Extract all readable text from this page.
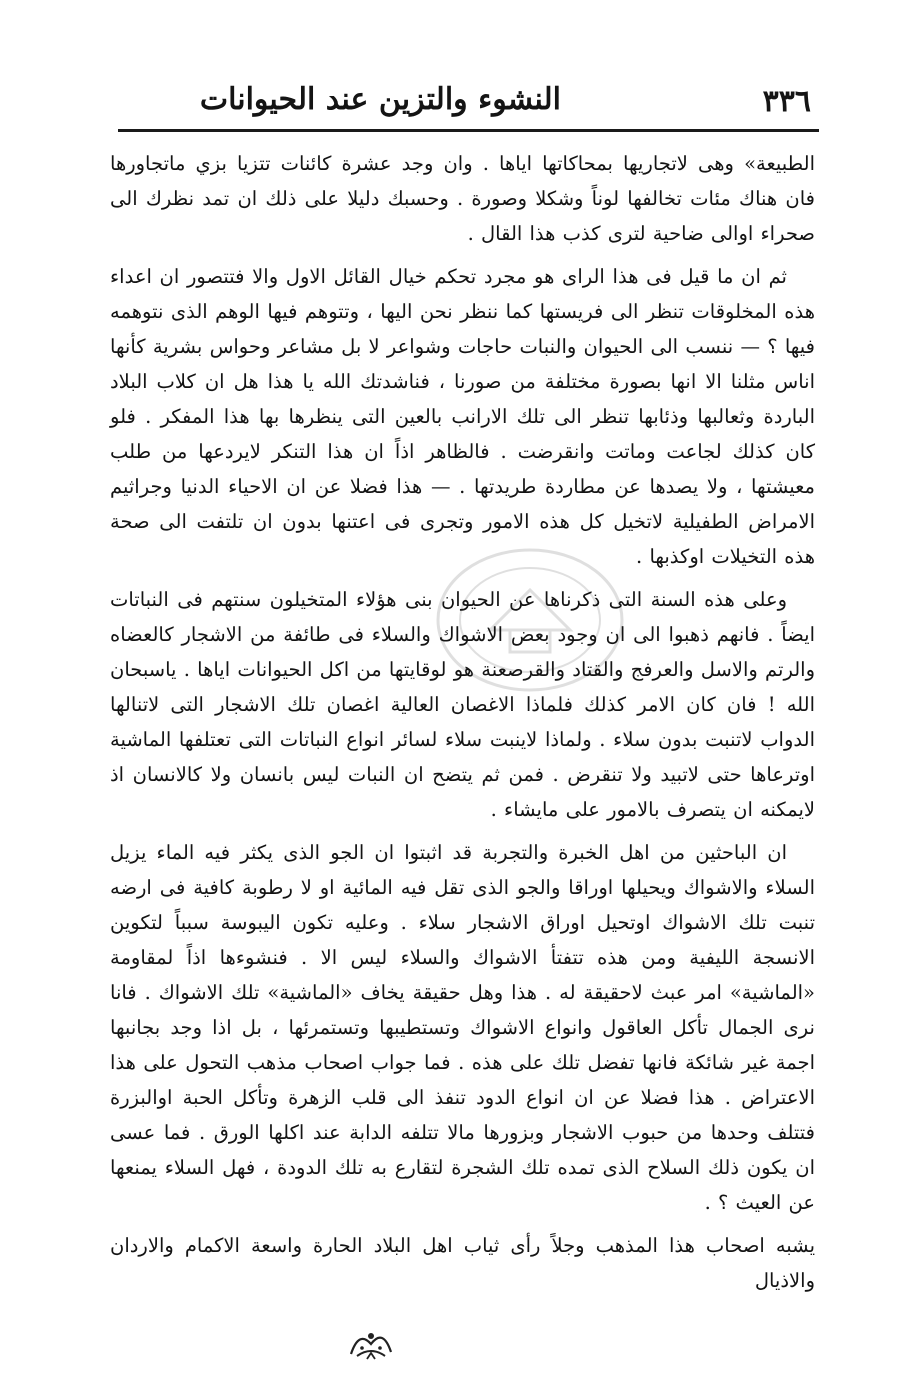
٣٣٦
النشوء والتزين عند الحيوانات

الطبيعة» وهى لاتجاريها بمحاكاتها اياها . وان وجد عشرة كائنات تتزيا بزي ماتجاورها فان هناك مئات تخالفها لوناً وشكلا وصورة . وحسبك دليلا على ذلك ان تمد نظرك الى صحراء اوالى ضاحية لترى كذب هذا القال .

ثم ان ما قيل فى هذا الراى هو مجرد تحكم خيال القائل الاول والا فتتصور ان اعداء هذه المخلوقات تنظر الى فريستها كما ننظر نحن اليها ، وتتوهم فيها الوهم الذى نتوهمه فيها ؟ — ننسب الى الحيوان والنبات حاجات وشواعر لا بل مشاعر وحواس بشرية كأنها اناس مثلنا الا انها بصورة مختلفة من صورنا ، فناشدتك الله يا هذا هل ان كلاب البلاد الباردة وثعالبها وذئابها تنظر الى تلك الارانب بالعين التى ينظرها بها هذا المفكر . فلو كان كذلك لجاعت وماتت وانقرضت . فالظاهر اذاً ان هذا التنكر لايردعها من طلب معيشتها ، ولا يصدها عن مطاردة طريدتها . — هذا فضلا عن ان الاحياء الدنيا وجراثيم الامراض الطفيلية لاتخيل كل هذه الامور وتجرى فى اعتنها بدون ان تلتفت الى صحة هذه التخيلات اوكذبها .

وعلى هذه السنة التى ذكرناها عن الحيوان بنى هؤلاء المتخيلون سنتهم فى النباتات ايضاً . فانهم ذهبوا الى ان وجود بعض الاشواك والسلاء فى طائفة من الاشجار كالعضاه والرتم والاسل والعرفج والقتاد والقرصعنة هو لوقايتها من اكل الحيوانات اياها . ياسبحان الله ! فان كان الامر كذلك فلماذا الاغصان العالية اغصان تلك الاشجار التى لاتنالها الدواب لاتنبت بدون سلاء . ولماذا لاينبت سلاء لسائر انواع النباتات التى تعتلفها الماشية اوترعاها حتى لاتبيد ولا تنقرض . فمن ثم يتضح ان النبات ليس بانسان ولا كالانسان اذ لايمكنه ان يتصرف بالامور على مايشاء .

ان الباحثين من اهل الخبرة والتجربة قد اثبتوا ان الجو الذى يكثر فيه الماء يزيل السلاء والاشواك ويحيلها اوراقا والجو الذى تقل فيه المائية او لا رطوبة كافية فى ارضه تنبت تلك الاشواك اوتحيل اوراق الاشجار سلاء . وعليه تكون اليبوسة سبباً لتكوين الانسجة الليفية ومن هذه تتفتأ الاشواك والسلاء ليس الا . فنشوءها اذاً لمقاومة «الماشية» امر عبث لاحقيقة له . هذا وهل حقيقة يخاف «الماشية» تلك الاشواك . فانا نرى الجمال تأكل العاقول وانواع الاشواك وتستطيبها وتستمرئها ، بل اذا وجد بجانبها اجمة غير شائكة فانها تفضل تلك على هذه . فما جواب اصحاب مذهب التحول على هذا الاعتراض . هذا فضلا عن ان انواع الدود تنفذ الى قلب الزهرة وتأكل الحبة اوالبزرة فتتلف وحدها من حبوب الاشجار وبزورها مالا تتلفه الدابة عند اكلها الورق . فما عسى ان يكون ذلك السلاح الذى تمده تلك الشجرة لتقارع به تلك الدودة ، فهل السلاء يمنعها عن العيث ؟ .

يشبه اصحاب هذا المذهب وجلاً رأى ثياب اهل البلاد الحارة واسعة الاكمام والاردان والاذيال
